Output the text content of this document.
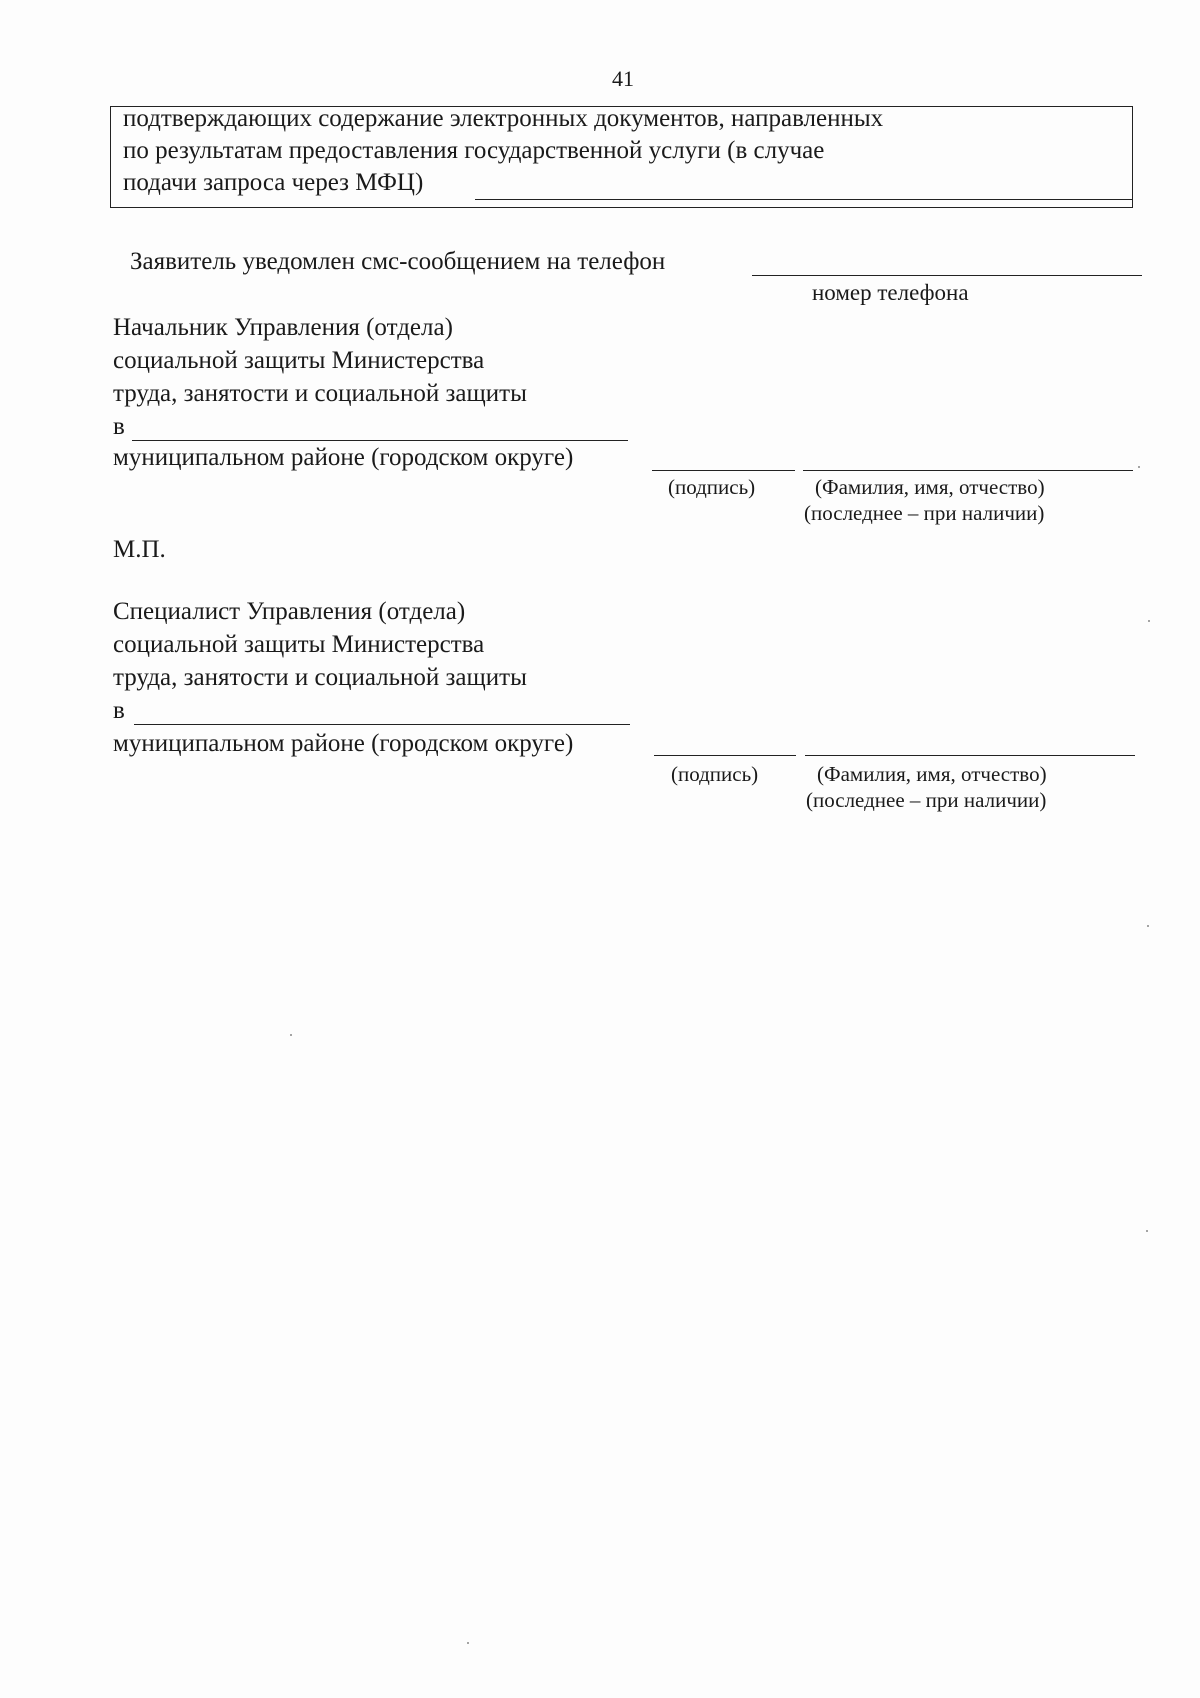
41
подтверждающих содержание электронных документов, направленных
по результатам предоставления государственной услуги (в случае
подачи запроса через МФЦ)
Заявитель уведомлен смс-сообщением на телефон
номер телефона
Начальник Управления (отдела)
социальной защиты Министерства
труда, занятости и социальной защиты
в
муниципальном районе (городском округе)
(подпись)	(Фамилия, имя, отчество)
(последнее – при наличии)
М.П.
Специалист Управления (отдела)
социальной защиты Министерства
труда, занятости и социальной защиты
в
муниципальном районе (городском округе)
(подпись)	(Фамилия, имя, отчество)
(последнее – при наличии)
